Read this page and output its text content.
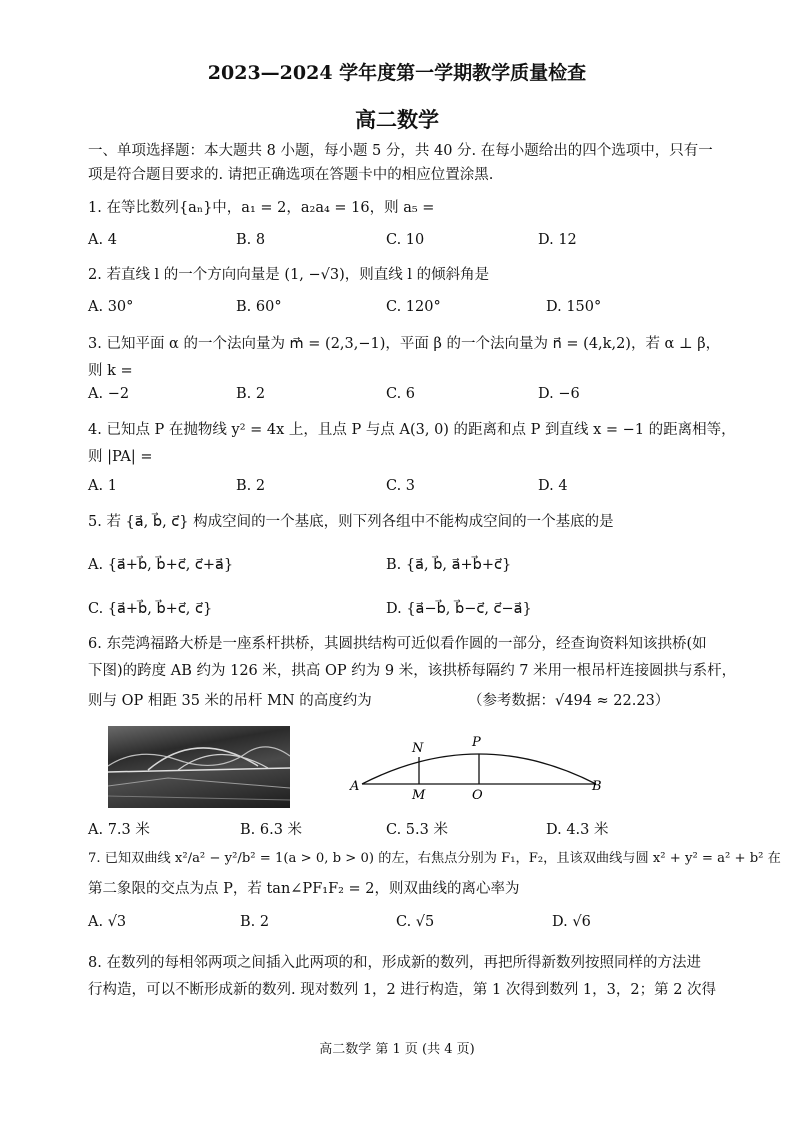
2023—2024 学年度第一学期教学质量检查
高二数学
一、单项选择题：本大题共 8 小题，每小题 5 分，共 40 分. 在每小题给出的四个选项中，只有一
项是符合题目要求的. 请把正确选项在答题卡中的相应位置涂黑.
1. 在等比数列{aₙ}中，a₁ = 2，a₂a₄ = 16，则 a₅ =
A. 4	B. 8	C. 10	D. 12
2. 若直线 l 的一个方向向量是 (1, −√3)，则直线 l 的倾斜角是
A. 30°	B. 60°	C. 120°	D. 150°
3. 已知平面 α 的一个法向量为 m⃗ = (2,3,−1)，平面 β 的一个法向量为 n⃗ = (4,k,2)，若 α ⊥ β，
则 k =
A. −2	B. 2	C. 6	D. −6
4. 已知点 P 在抛物线 y² = 4x 上，且点 P 与点 A(3, 0) 的距离和点 P 到直线 x = −1 的距离相等，
则 |PA| =
A. 1	B. 2	C. 3	D. 4
5. 若 {a⃗, b⃗, c⃗} 构成空间的一个基底，则下列各组中不能构成空间的一个基底的是
A. {a⃗+b⃗, b⃗+c⃗, c⃗+a⃗}	B. {a⃗, b⃗, a⃗+b⃗+c⃗}
C. {a⃗+b⃗, b⃗+c⃗, c⃗}	D. {a⃗−b⃗, b⃗−c⃗, c⃗−a⃗}
6. 东莞鸿福路大桥是一座系杆拱桥，其圆拱结构可近似看作圆的一部分，经查询资料知该拱桥(如
下图)的跨度 AB 约为 126 米，拱高 OP 约为 9 米，该拱桥每隔约 7 米用一根吊杆连接圆拱与系杆，
则与 OP 相距 35 米的吊杆 MN 的高度约为	（参考数据：√494 ≈ 22.23）
A	B
N	P
M	O
A. 7.3 米	B. 6.3 米	C. 5.3 米	D. 4.3 米
7. 已知双曲线 x²/a² − y²/b² = 1(a > 0, b > 0) 的左，右焦点分别为 F₁，F₂，且该双曲线与圆 x² + y² = a² + b² 在
第二象限的交点为点 P，若 tan∠PF₁F₂ = 2，则双曲线的离心率为
A. √3	B. 2	C. √5	D. √6
8. 在数列的每相邻两项之间插入此两项的和，形成新的数列，再把所得新数列按照同样的方法进
行构造，可以不断形成新的数列. 现对数列 1，2 进行构造，第 1 次得到数列 1，3，2；第 2 次得
高二数学 第 1 页 (共 4 页)
